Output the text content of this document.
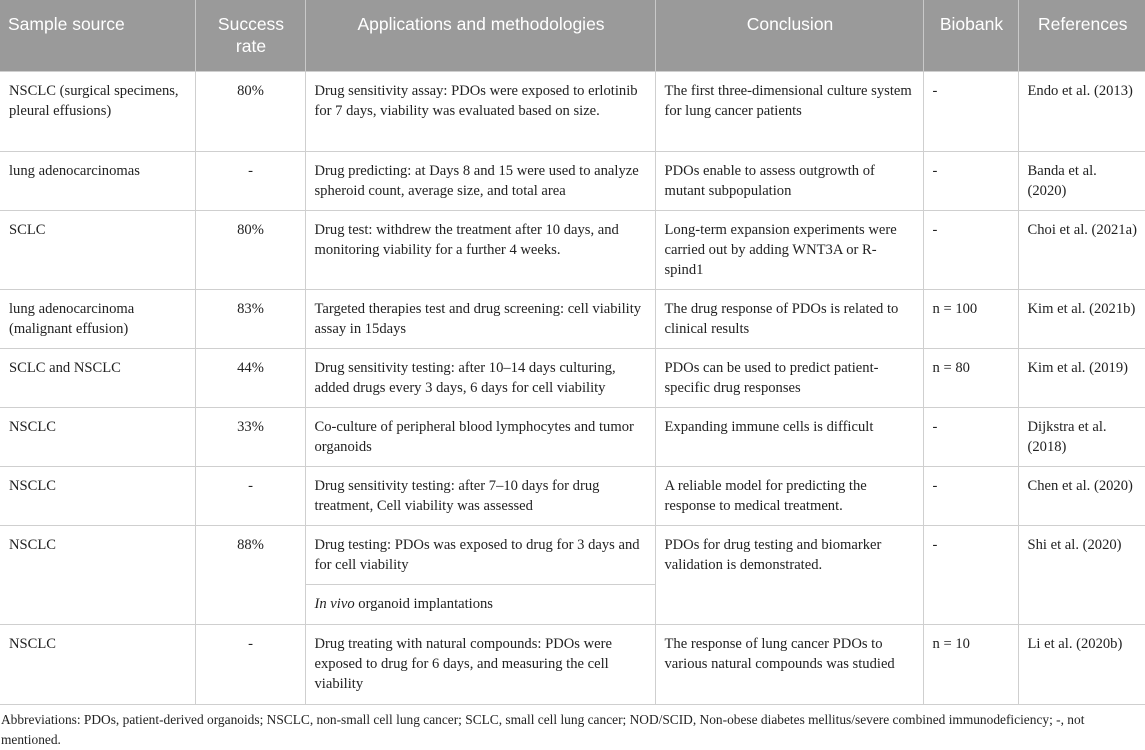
Sample source	Success rate	Applications and methodologies	Conclusion	Biobank	References
NSCLC (surgical specimens, pleural effusions)	80%	Drug sensitivity assay: PDOs were exposed to erlotinib for 7 days, viability was evaluated based on size.	The first three-dimensional culture system for lung cancer patients	-	Endo et al. (2013)
lung adenocarcinomas	-	Drug predicting: at Days 8 and 15 were used to analyze spheroid count, average size, and total area	PDOs enable to assess outgrowth of mutant subpopulation	-	Banda et al. (2020)
SCLC	80%	Drug test: withdrew the treatment after 10 days, and monitoring viability for a further 4 weeks.	Long-term expansion experiments were carried out by adding WNT3A or R-spind1	-	Choi et al. (2021a)
lung adenocarcinoma (malignant effusion)	83%	Targeted therapies test and drug screening: cell viability assay in 15days	The drug response of PDOs is related to clinical results	n = 100	Kim et al. (2021b)
SCLC and NSCLC	44%	Drug sensitivity testing: after 10–14 days culturing, added drugs every 3 days, 6 days for cell viability	PDOs can be used to predict patient-specific drug responses	n = 80	Kim et al. (2019)
NSCLC	33%	Co-culture of peripheral blood lymphocytes and tumor organoids	Expanding immune cells is difficult	-	Dijkstra et al. (2018)
NSCLC	-	Drug sensitivity testing: after 7–10 days for drug treatment, Cell viability was assessed	A reliable model for predicting the response to medical treatment.	-	Chen et al. (2020)
NSCLC	88%	Drug testing: PDOs was exposed to drug for 3 days and for cell viability	PDOs for drug testing and biomarker validation is demonstrated.	-	Shi et al. (2020)
		In vivo organoid implantations			
NSCLC	-	Drug treating with natural compounds: PDOs were exposed to drug for 6 days, and measuring the cell viability	The response of lung cancer PDOs to various natural compounds was studied	n = 10	Li et al. (2020b)
Abbreviations: PDOs, patient-derived organoids; NSCLC, non-small cell lung cancer; SCLC, small cell lung cancer; NOD/SCID, Non-obese diabetes mellitus/severe combined immunodeficiency; -, not mentioned.
